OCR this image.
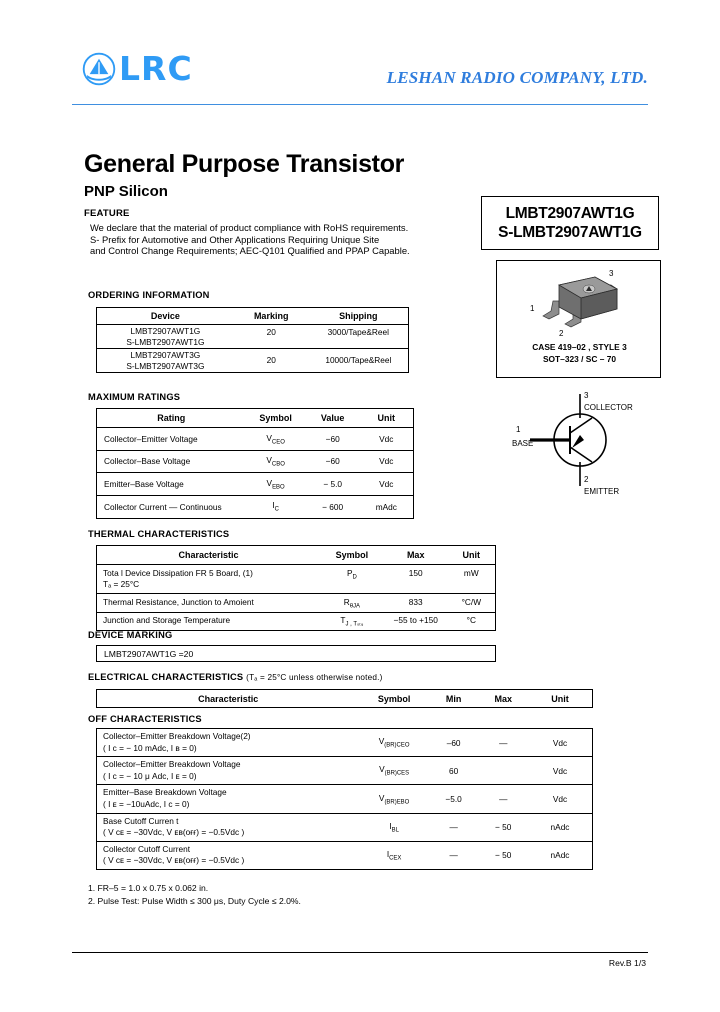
LRC	LESHAN RADIO COMPANY, LTD.
General Purpose Transistor
PNP Silicon
FEATURE
We declare that the material of product compliance with RoHS requirements.
S- Prefix for Automotive and Other Applications Requiring Unique Site
and Control Change Requirements; AEC-Q101 Qualified and PPAP Capable.
LMBT2907AWT1G
S-LMBT2907AWT1G
1
2
3
CASE 419–02 , STYLE 3
SOT–323 / SC – 70
3
COLLECTOR
1
BASE
2
EMITTER
ORDERING INFORMATION
Device	Marking	Shipping

LMBT2907AWT1G
S-LMBT2907AWT1G	20	3000/Tape&Reel

LMBT2907AWT3G
S-LMBT2907AWT3G	20	10000/Tape&Reel
MAXIMUM RATINGS
Rating	Symbol	Value	Unit
Collector–Emitter Voltage	$V_{CEO}$	−60	Vdc
Collector–Base Voltage	$V_{CBO}$	−60	Vdc
Emitter–Base Voltage	$V_{EBO}$	− 5.0	Vdc
Collector Current — Continuous	$I_C$	− 600	mAdc
THERMAL CHARACTERISTICS
Characteristic	Symbol	Max	Unit

Tota l Device Dissipation FR 5 Board, (1)
Tₐ = 25°C	$P_D$	150	mW
Thermal Resistance, Junction to Amoient	$R_{\theta JA}$	833	°C/W
Junction and Storage Temperature	$T_{J , T_{st9}}$	−55 to +150	°C
DEVICE MARKING
LMBT2907AWT1G =20
ELECTRICAL CHARACTERISTICS (Tₐ = 25°C unless otherwise noted.)
Characteristic	Symbol	Min	Max	Unit
OFF CHARACTERISTICS
Collector–Emitter Breakdown Voltage(2)
( I ᴄ = − 10 mAdc, I ʙ = 0)	$V_{(BR)CEO}$	–60	—	Vdc

Collector–Emitter Breakdown Voltage
( I ᴄ = − 10 μ Adc, I ᴇ = 0)	$V_{(BR)CES}$	60		Vdc

Emitter–Base Breakdown Voltage
( I ᴇ = −10uAdc, I ᴄ = 0)	$V_{(BR)EBO}$	−5.0	—	Vdc

Base Cutoff Curren t
( V ᴄᴇ = −30Vdc, V ᴇʙ(ᴏғғ) = −0.5Vdc )	$I_{BL}$	—	− 50	nAdc

Collector Cutoff Current
( V ᴄᴇ = −30Vdc, V ᴇʙ(ᴏғғ) = −0.5Vdc )	$I_{CEX}$	—	− 50	nAdc
1. FR–5 = 1.0 x 0.75 x 0.062 in.
2. Pulse Test: Pulse Width ≤ 300 μs, Duty Cycle ≤ 2.0%.
Rev.B 1/3
